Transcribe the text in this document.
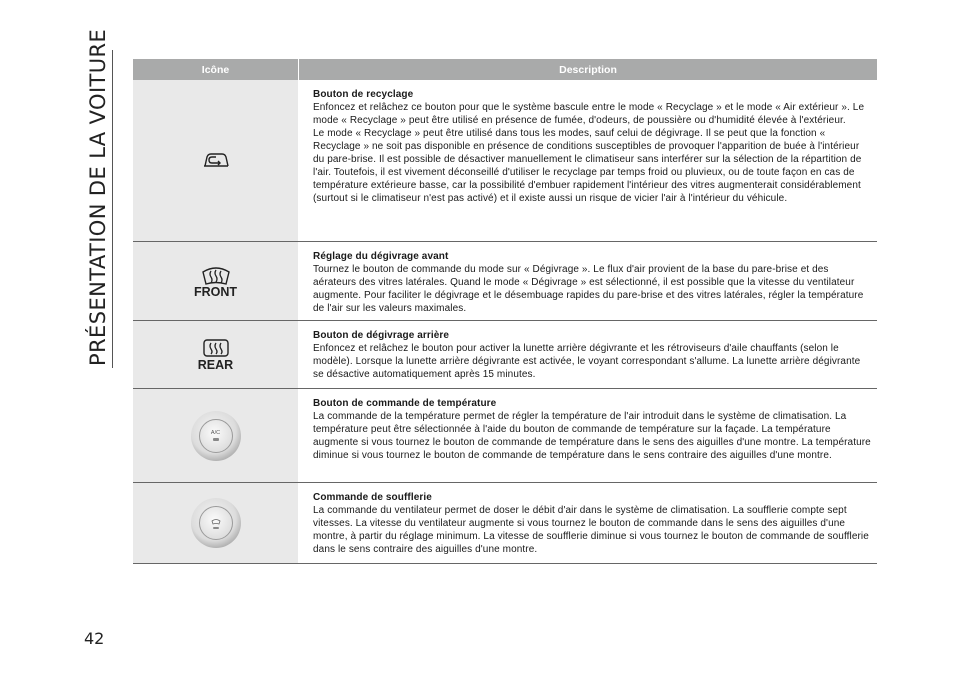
PRÉSENTATION DE LA VOITURE	Icône	Description
Bouton de recyclage
Enfoncez et relâchez ce bouton pour que le système bascule entre le mode « Recyclage » et le mode « Air extérieur ». Le mode « Recyclage » peut être utilisé en présence de fumée, d'odeurs, de poussière ou d'humidité élevée à l'extérieur.
Le mode « Recyclage » peut être utilisé dans tous les modes, sauf celui de dégivrage. Il se peut que la fonction « Recyclage » ne soit pas disponible en présence de conditions susceptibles de provoquer l'apparition de buée à l'intérieur du pare-brise. Il est possible de désactiver manuellement le climatiseur sans interférer sur la sélection de la répartition de l'air. Toutefois, il est vivement déconseillé d'utiliser le recyclage par temps froid ou pluvieux, ou de toute façon en cas de température extérieure basse, car la possibilité d'embuer rapidement l'intérieur des vitres augmenterait considérablement (surtout si le climatiseur n'est pas activé) et il existe aussi un risque de vicier l'air à l'intérieur du véhicule.
FRONT
Réglage du dégivrage avant
Tournez le bouton de commande du mode sur « Dégivrage ». Le flux d'air provient de la base du pare-brise et des aérateurs des vitres latérales. Quand le mode « Dégivrage » est sélectionné, il est possible que la vitesse du ventilateur augmente. Pour faciliter le dégivrage et le désembuage rapides du pare-brise et des vitres latérales, régler la température de l'air sur les valeurs maximales.
REAR
Bouton de dégivrage arrière
Enfoncez et relâchez le bouton pour activer la lunette arrière dégivrante et les rétroviseurs d'aile chauffants (selon le modèle). Lorsque la lunette arrière dégivrante est activée, le voyant correspondant s'allume. La lunette arrière dégivrante se désactive automatiquement après 15 minutes.
A/C
Bouton de commande de température
La commande de la température permet de régler la température de l'air introduit dans le système de climatisation. La température peut être sélectionnée à l'aide du bouton de commande de température sur la façade. La température augmente si vous tournez le bouton de commande de température dans le sens des aiguilles d'une montre. La température diminue si vous tournez le bouton de commande de température dans le sens contraire des aiguilles d'une montre.
Commande de soufflerie
La commande du ventilateur permet de doser le débit d'air dans le système de climatisation. La soufflerie compte sept vitesses. La vitesse du ventilateur augmente si vous tournez le bouton de commande dans le sens des aiguilles d'une montre, à partir du réglage minimum. La vitesse de soufflerie diminue si vous tournez le bouton de commande de soufflerie dans le sens contraire des aiguilles d'une montre.
42
